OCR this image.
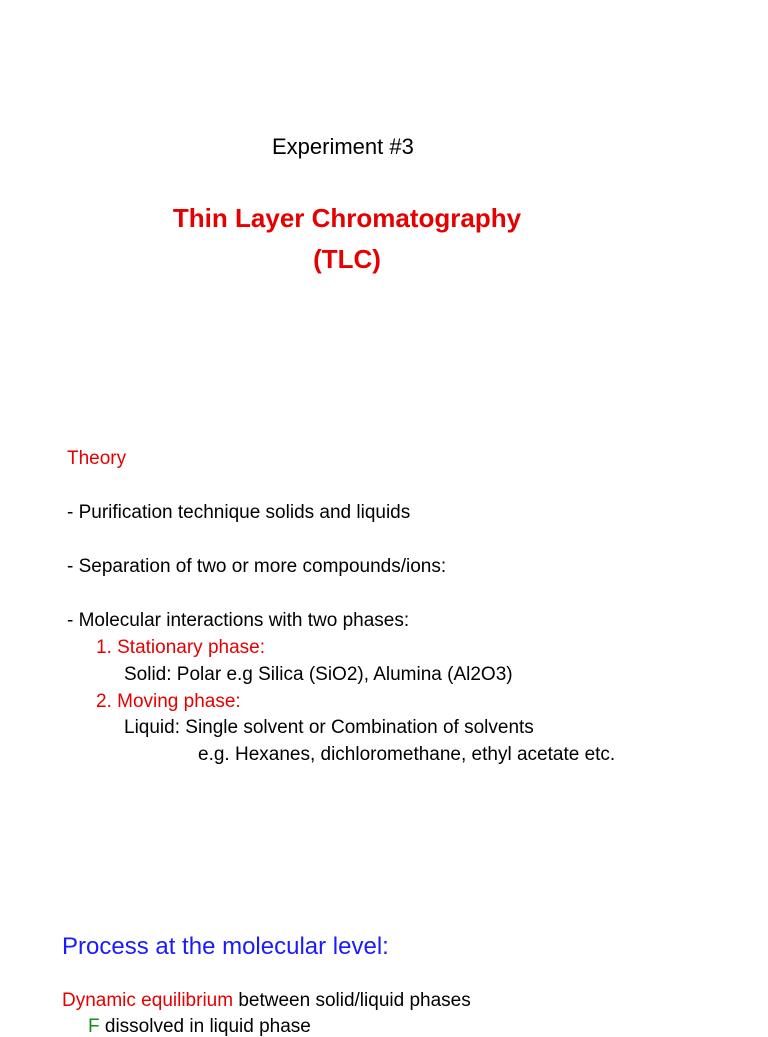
Experiment #3
Thin Layer Chromatography
(TLC)
Theory
- Purification technique solids and liquids
- Separation of two or more compounds/ions:
- Molecular interactions with two phases:
1. Stationary phase:
Solid: Polar e.g Silica (SiO2), Alumina (Al2O3)
2. Moving phase:
Liquid: Single solvent or Combination of solvents
e.g. Hexanes, dichloromethane, ethyl acetate etc.
Process at the molecular level:
Dynamic equilibrium between solid/liquid phases
F dissolved in liquid phase
